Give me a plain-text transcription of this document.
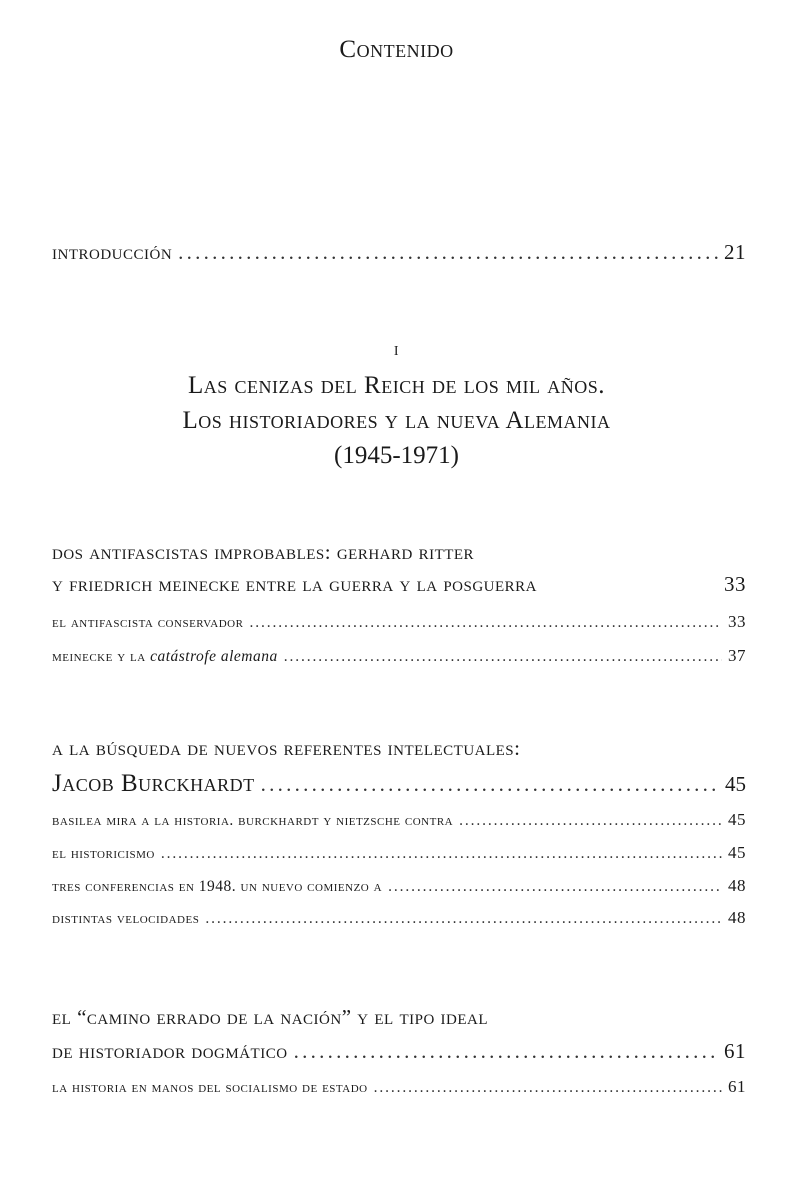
Contenido
introducción . . .	21
i
Las cenizas del Reich de los mil años.
Los historiadores y la nueva Alemania
(1945-1971)
dos antifascistas improbables: gerhard ritter
y friedrich meinecke entre la guerra y la posguerra	33
el antifascista conservador . . .	33
meinecke y la catástrofe alemana . . .	37
a la búsqueda de nuevos referentes intelectuales:
Jacob Burckhardt . . .	45
basilea mira a la historia. burckhardt y nietzsche contra . . .	45
el historicismo . . .	45
tres conferencias en 1948. un nuevo comienzo a . . .	48
distintas velocidades . . .	48
el “camino errado de la nación” y el tipo ideal
de historiador dogmático . . .	61
la historia en manos del socialismo de estado . . .	61
